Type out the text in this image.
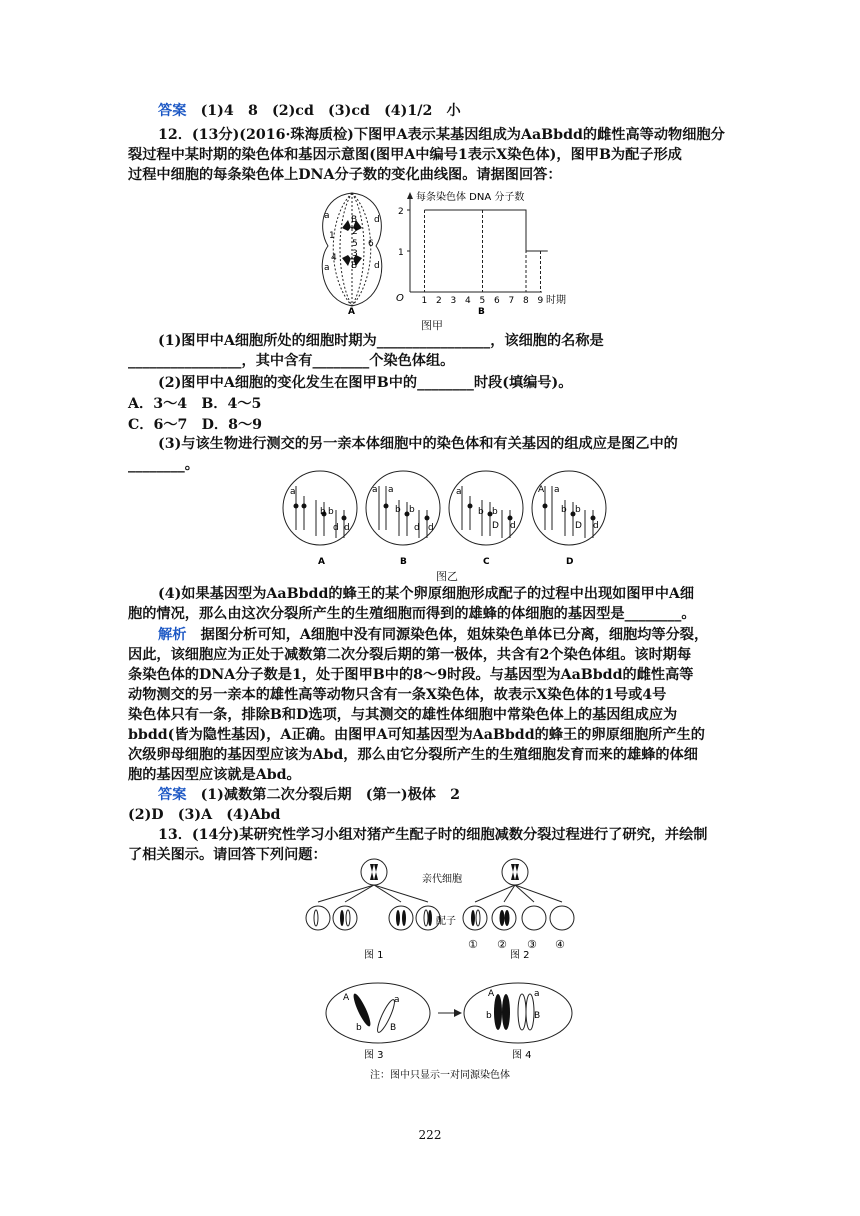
答案　 (1)4　8　(2)cd　(3)cd　(4)1/2　小
12．(13分)(2016·珠海质检)下图甲A表示某基因组成为AaBbdd的雌性高等动物细胞分
裂过程中某时期的染色体和基因示意图(图甲A中编号1表示X染色体)，图甲B为配子形成
过程中细胞的每条染色体上DNA分子数的变化曲线图。请据图回答：
a
1
a
4
B
2
5
3
B
d
6
d
A
每条染色体 DNA 分子数
时期
O
2
1
1 2 3 4 5 6 7 8 9
B
图甲
(1)图甲中A细胞所处的细胞时期为________________，该细胞的名称是
________________，其中含有________个染色体组。
(2)图甲中A细胞的变化发生在图甲B中的________时段(填编号)。
A．3～4　B．4～5
C．6～7　D．8～9
(3)与该生物进行测交的另一亲本体细胞中的染色体和有关基因的组成应是图乙中的
________。
a
b b
d d
a a
b b
d d
a
b b
D d
A a
b b
D d
A	B	C	D
图乙
(4)如果基因型为AaBbdd的蜂王的某个卵原细胞形成配子的过程中出现如图甲中A细
胞的情况，那么由这次分裂所产生的生殖细胞而得到的雄蜂的体细胞的基因型是________。
解析　 据图分析可知，A细胞中没有同源染色体，姐妹染色单体已分离，细胞均等分裂，
因此，该细胞应为正处于减数第二次分裂后期的第一极体，共含有2个染色体组。该时期每
条染色体的DNA分子数是1，处于图甲B中的8～9时段。与基因型为AaBbdd的雌性高等
动物测交的另一亲本的雄性高等动物只含有一条X染色体，故表示X染色体的1号或4号
染色体只有一条，排除B和D选项，与其测交的雄性体细胞中常染色体上的基因组成应为
bbdd(皆为隐性基因)，A正确。由图甲A可知基因型为AaBbdd的蜂王的卵原细胞所产生的
次级卵母细胞的基因型应该为Abd，那么由它分裂所产生的生殖细胞发育而来的雄蜂的体细
胞的基因型应该就是Abd。
答案　 (1)减数第二次分裂后期　(第一)极体　2
(2)D　(3)A　(4)Abd
13．(14分)某研究性学习小组对猪产生配子时的细胞减数分裂过程进行了研究，并绘制
了相关图示。请回答下列问题：
亲代细胞
配子
① ② ③ ④
图 1	图 2
A	a
b	B
A	a
b	B
图 3	图 4
注：图中只显示一对同源染色体
222
